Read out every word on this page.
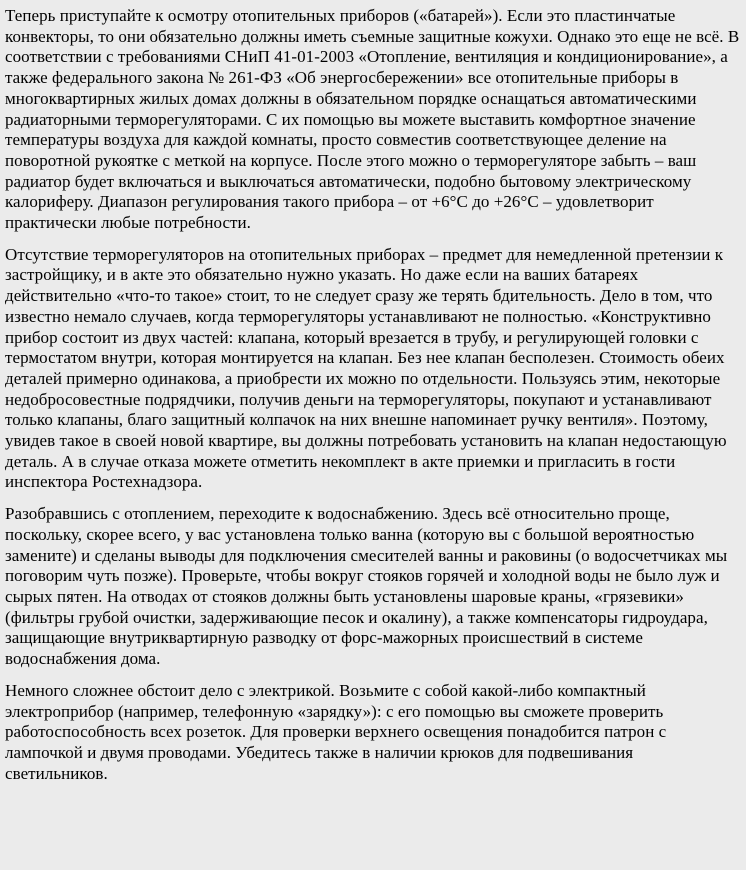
Теперь приступайте к осмотру отопительных приборов («батарей»). Если это пластинчатые конвекторы, то они обязательно должны иметь съемные защитные кожухи. Однако это еще не всё. В соответствии с требованиями СНиП 41-01-2003 «Отопление, вентиляция и кондиционирование», а также федерального закона № 261-ФЗ «Об энергосбережении» все отопительные приборы в многоквартирных жилых домах должны в обязательном порядке оснащаться автоматическими радиаторными терморегуляторами. С их помощью вы можете выставить комфортное значение температуры воздуха для каждой комнаты, просто совместив соответствующее деление на поворотной рукоятке с меткой на корпусе. После этого можно о терморегуляторе забыть – ваш радиатор будет включаться и выключаться автоматически, подобно бытовому электрическому калориферу. Диапазон регулирования такого прибора – от +6°С до +26°С – удовлетворит практически любые потребности.

Отсутствие терморегуляторов на отопительных приборах – предмет для немедленной претензии к застройщику, и в акте это обязательно нужно указать. Но даже если на ваших батареях действительно «что-то такое» стоит, то не следует сразу же терять бдительность. Дело в том, что известно немало случаев, когда терморегуляторы устанавливают не полностью. «Конструктивно прибор состоит из двух частей: клапана, который врезается в трубу, и регулирующей головки с термостатом внутри, которая монтируется на клапан. Без нее клапан бесполезен. Стоимость обеих деталей примерно одинакова, а приобрести их можно по отдельности. Пользуясь этим, некоторые недобросовестные подрядчики, получив деньги на терморегуляторы, покупают и устанавливают только клапаны, благо защитный колпачок на них внешне напоминает ручку вентиля». Поэтому, увидев такое в своей новой квартире, вы должны потребовать установить на клапан недостающую деталь. А в случае отказа можете отметить некомплект в акте приемки и пригласить в гости инспектора Ростехнадзора.

Разобравшись с отоплением, переходите к водоснабжению. Здесь всё относительно проще, поскольку, скорее всего, у вас установлена только ванна (которую вы с большой вероятностью замените) и сделаны выводы для подключения смесителей ванны и раковины (о водосчетчиках мы поговорим чуть позже). Проверьте, чтобы вокруг стояков горячей и холодной воды не было луж и сырых пятен. На отводах от стояков должны быть установлены шаровые краны, «грязевики» (фильтры грубой очистки, задерживающие песок и окалину), а также компенсаторы гидроудара, защищающие внутриквартирную разводку от форс-мажорных происшествий в системе водоснабжения дома.

Немного сложнее обстоит дело с электрикой. Возьмите с собой какой-либо компактный электроприбор (например, телефонную «зарядку»): с его помощью вы сможете проверить работоспособность всех розеток. Для проверки верхнего освещения понадобится патрон с лампочкой и двумя проводами. Убедитесь также в наличии крюков для подвешивания светильников.
